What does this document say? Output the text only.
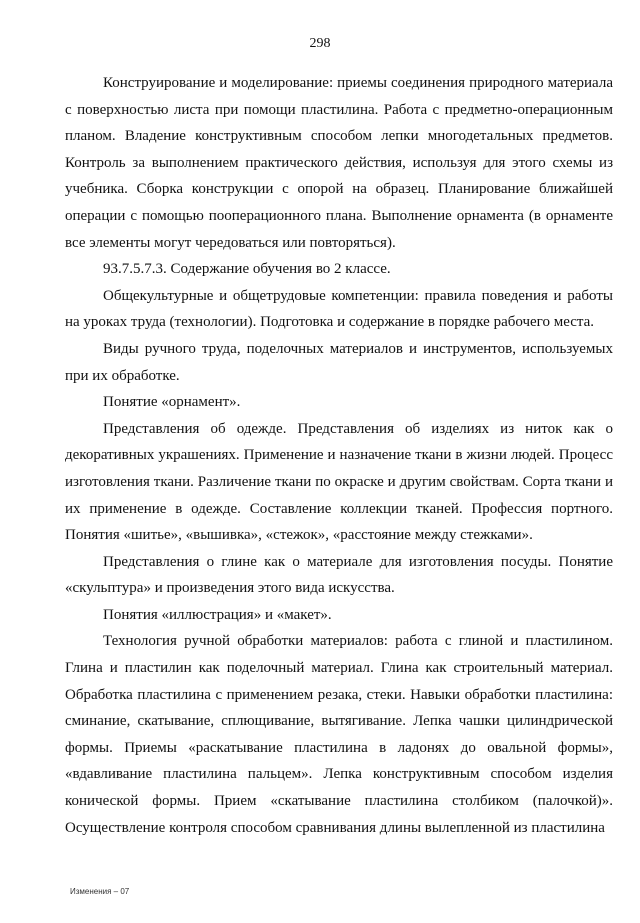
298

Конструирование и моделирование: приемы соединения природного материала с поверхностью листа при помощи пластилина. Работа с предметно-операционным планом. Владение конструктивным способом лепки многодетальных предметов. Контроль за выполнением практического действия, используя для этого схемы из учебника. Сборка конструкции с опорой на образец. Планирование ближайшей операции с помощью пооперационного плана. Выполнение орнамента (в орнаменте все элементы могут чередоваться или повторяться).

93.7.5.7.3. Содержание обучения во 2 классе.

Общекультурные и общетрудовые компетенции: правила поведения и работы на уроках труда (технологии). Подготовка и содержание в порядке рабочего места.

Виды ручного труда, поделочных материалов и инструментов, используемых при их обработке.

Понятие «орнамент».

Представления об одежде. Представления об изделиях из ниток как о декоративных украшениях. Применение и назначение ткани в жизни людей. Процесс изготовления ткани. Различение ткани по окраске и другим свойствам. Сорта ткани и их применение в одежде. Составление коллекции тканей. Профессия портного. Понятия «шитье», «вышивка», «стежок», «расстояние между стежками».

Представления о глине как о материале для изготовления посуды. Понятие «скульптура» и произведения этого вида искусства.

Понятия «иллюстрация» и «макет».

Технология ручной обработки материалов: работа с глиной и пластилином. Глина и пластилин как поделочный материал. Глина как строительный материал. Обработка пластилина с применением резака, стеки. Навыки обработки пластилина: сминание, скатывание, сплющивание, вытягивание. Лепка чашки цилиндрической формы. Приемы «раскатывание пластилина в ладонях до овальной формы», «вдавливание пластилина пальцем». Лепка конструктивным способом изделия конической формы. Прием «скатывание пластилина столбиком (палочкой)». Осуществление контроля способом сравнивания длины вылепленной из пластилина

Изменения – 07
